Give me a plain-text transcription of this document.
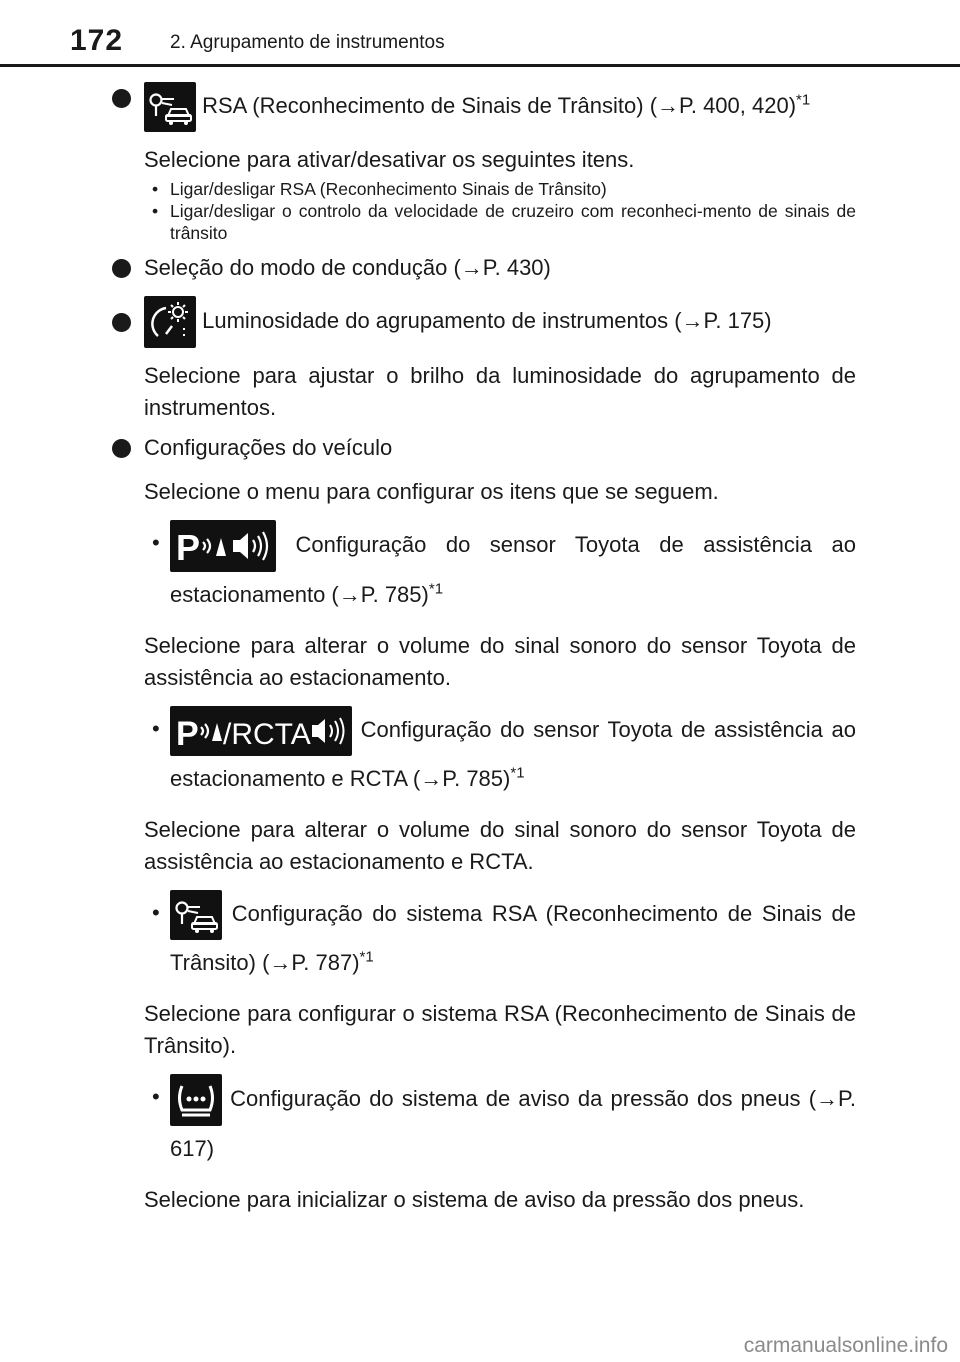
172 2. Agrupamento de instrumentos
RSA (Reconhecimento de Sinais de Trânsito) (→P. 400, 420)$^{*1}$
Selecione para ativar/desativar os seguintes itens.
• Ligar/desligar RSA (Reconhecimento Sinais de Trânsito)
• Ligar/desligar o controlo da velocidade de cruzeiro com reconheci-mento de sinais de trânsito
Seleção do modo de condução (→P. 430)
Luminosidade do agrupamento de instrumentos (→P. 175)
Selecione para ajustar o brilho da luminosidade do agrupamento de instrumentos.
Configurações do veículo
Selecione o menu para configurar os itens que se seguem.
• P	Configuração do sensor Toyota de assistência ao estacionamento (→P. 785)$^{*1}$
Selecione para alterar o volume do sinal sonoro do sensor Toyota de assistência ao estacionamento.
• P /RCTA Configuração do sensor Toyota de assistência ao estacionamento e RCTA (→P. 785)$^{*1}$
Selecione para alterar o volume do sinal sonoro do sensor Toyota de assistência ao estacionamento e RCTA.
•	Configuração do sistema RSA (Reconhecimento de Sinais de Trânsito) (→P. 787)$^{*1}$
Selecione para configurar o sistema RSA (Reconhecimento de Sinais de Trânsito).
•	Configuração do sistema de aviso da pressão dos pneus (→P. 617)
Selecione para inicializar o sistema de aviso da pressão dos pneus.
carmanualsonline.info
